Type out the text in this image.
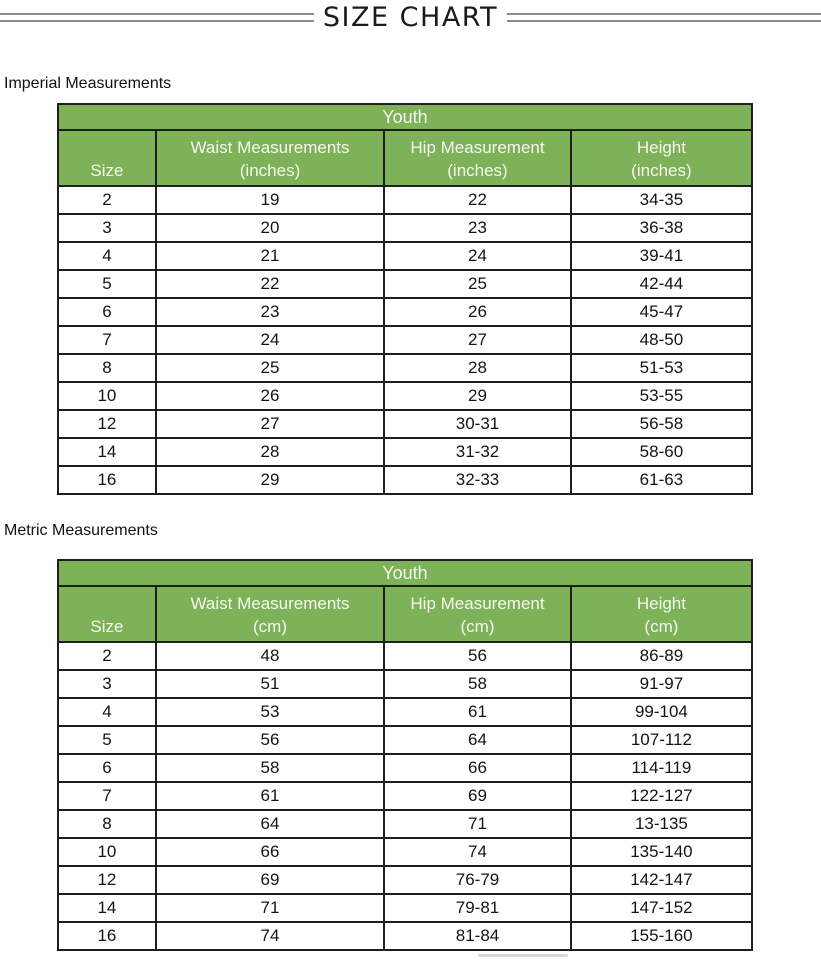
SIZE CHART
Imperial Measurements
Youth			

Size

Waist Measurements
(inches)

Hip Measurement
(inches)

Height
(inches)

2	19	22	34-35
3	20	23	36-38
4	21	24	39-41
5	22	25	42-44
6	23	26	45-47
7	24	27	48-50
8	25	28	51-53
10	26	29	53-55
12	27	30-31	56-58
14	28	31-32	58-60
16	29	32-33	61-63
Metric Measurements
Youth			

Size

Waist Measurements
(cm)

Hip Measurement
(cm)

Height
(cm)

2	48	56	86-89
3	51	58	91-97
4	53	61	99-104
5	56	64	107-112
6	58	66	114-119
7	61	69	122-127
8	64	71	13-135
10	66	74	135-140
12	69	76-79	142-147
14	71	79-81	147-152
16	74	81-84	155-160
